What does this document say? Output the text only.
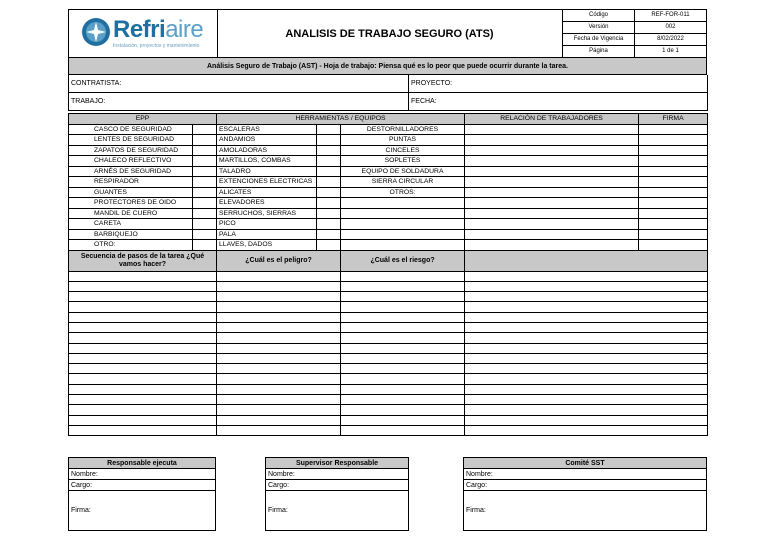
Refriaire
Instalación, proyectos y mantenimiento
ANALISIS DE TRABAJO SEGURO (ATS)
Código	REF-FOR-011
Versión	002
Fecha de Vigencia	8/02/2022
Página	1 de 1
Análisis Seguro de Trabajo (AST) - Hoja de trabajo: Piensa qué es lo peor que puede ocurrir durante la tarea.
CONTRATISTA:	PROYECTO:
TRABAJO:	FECHA:
EPP		HERRAMIENTAS / EQUIPOS			RELACIÓN DE TRABAJADORES	FIRMA
CASCO DE SEGURIDAD		ESCALERAS		DESTORNILLADORES		
LENTES DE SEGURIDAD		ANDAMIOS		PUNTAS		
ZAPATOS DE SEGURIDAD		AMOLADORAS		CINCELES		
CHALECO REFLECTIVO		MARTILLOS, COMBAS		SOPLETES		
ARNÉS DE SEGURIDAD		TALADRO		EQUIPO DE SOLDADURA		
RESPIRADOR		EXTENCIONES ELECTRICAS		SIERRA CIRCULAR		
GUANTES		ALICATES		OTROS:		
PROTECTORES DE OIDO		ELEVADORES				
MANDIL DE CUERO		SERRUCHOS, SIERRAS				
CARETA		PICO				
BARBIQUEJO		PALA				
OTRO:		LLAVES, DADOS				
Secuencia de pasos de la tarea ¿Qué vamos hacer?		¿Cuál es el peligro?		¿Cuál es el riesgo?		

Responsable ejecuta
Nombre:
Cargo:
Firma:
Supervisor Responsable
Nombre:
Cargo:
Firma:
Comité SST
Nombre:
Cargo:
Firma:
